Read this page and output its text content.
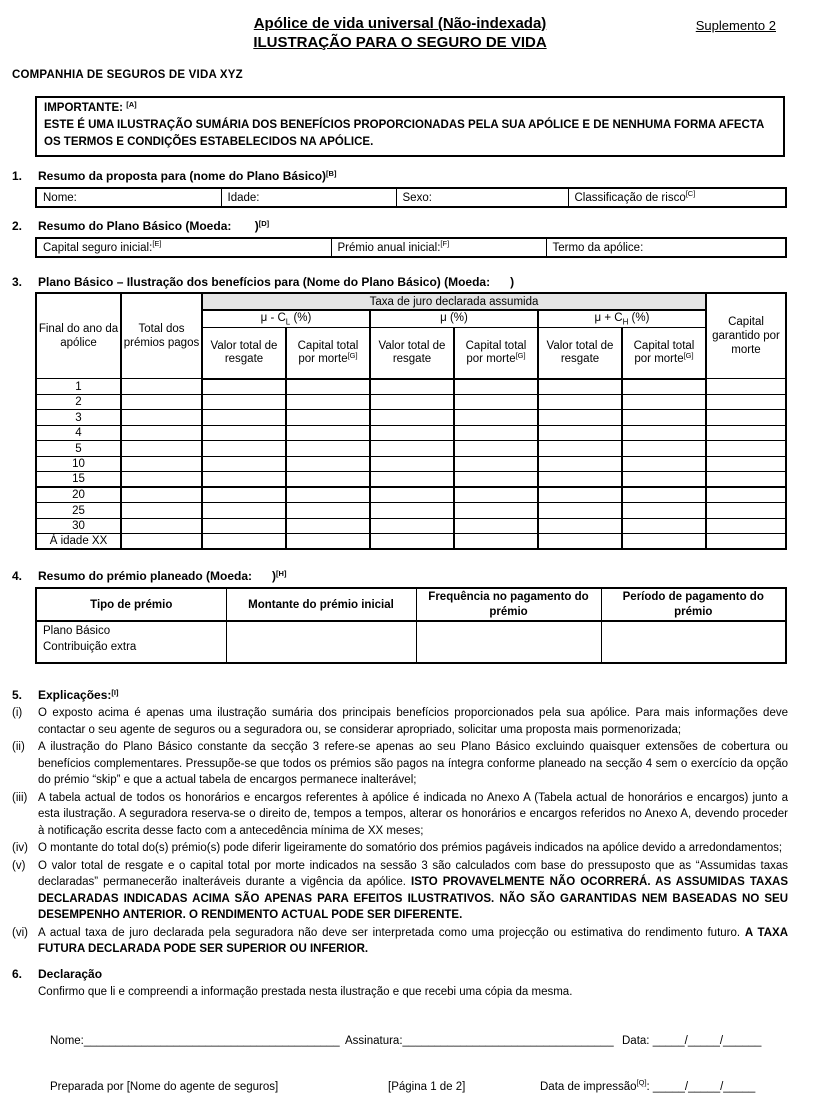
Apólice de vida universal (Não-indexada)
ILUSTRAÇÃO PARA O SEGURO DE VIDA
Suplemento 2
COMPANHIA DE SEGUROS DE VIDA XYZ
IMPORTANTE: [A]
ESTE É UMA ILUSTRAÇÃO SUMÁRIA DOS BENEFÍCIOS PROPORCIONADAS PELA SUA APÓLICE E DE NENHUMA FORMA AFECTA OS TERMOS E CONDIÇÕES ESTABELECIDOS NA APÓLICE.
1.	Resumo da proposta para (nome do Plano Básico)[B]
Nome:	Idade:	Sexo:	Classificação de risco[C]
2.	Resumo do Plano Básico (Moeda:       )[D]
Capital seguro inicial:[E]	Prémio anual inicial:[F]	Termo da apólice:
3.	Plano Básico – Ilustração dos benefícios para (Nome do Plano Básico) (Moeda:      )
Final do ano da apólice	Total dos prémios pagos	Taxa de juro declarada assumida						Capital garantido por morte
		μ - $C_L$ (%)		μ (%)		$\mu + C_H$ (%)		
		Valor total de resgate	Capital total por morte[G]	Valor total de resgate	Capital total por morte[G]	Valor total de resgate	Capital total por morte[G]
1								
2								
3								
4								
5								
10								
15								
20								
25								
30								
À idade XX								
4.	Resumo do prémio planeado (Moeda:      )[H]
Tipo de prémio	Montante do prémio inicial	Frequência no pagamento do prémio	Período de pagamento do prémio

Plano Básico
Contribuição extra			

5.	Explicações:[I]
(i)	O exposto acima é apenas uma ilustração sumária dos principais benefícios proporcionados pela sua apólice. Para mais informações deve contactar o seu agente de seguros ou a seguradora ou, se considerar apropriado, solicitar uma proposta mais pormenorizada;

(ii)	A ilustração do Plano Básico constante da secção 3 refere-se apenas ao seu Plano Básico excluindo quaisquer extensões de cobertura ou benefícios complementares. Pressupõe-se que todos os prémios são pagos na íntegra conforme planeado na secção 4 sem o exercício da opção do prémio “skip” e que a actual tabela de encargos permanece inalterável;

(iii) A tabela actual de todos os honorários e encargos referentes à apólice é indicada no Anexo A (Tabela actual de honorários e encargos) junto a esta ilustração. A seguradora reserva-se o direito de, tempos a tempos, alterar os honorários e encargos referidos no Anexo A, devendo proceder à notificação escrita desse facto com a antecedência mínima de XX meses;

(iv) O montante do total do(s) prémio(s) pode diferir ligeiramente do somatório dos prémios pagáveis indicados na apólice devido a arredondamentos;

(v)	O valor total de resgate e o capital total por morte indicados na sessão 3 são calculados com base do pressuposto que as “Assumidas taxas declaradas” permanecerão inalteráveis durante a vigência da apólice. ISTO PROVAVELMENTE NÃO OCORRERÁ. AS ASSUMIDAS TAXAS DECLARADAS INDICADAS ACIMA SÃO APENAS PARA EFEITOS ILUSTRATIVOS. NÃO SÃO GARANTIDAS NEM BASEADAS NO SEU DESEMPENHO ANTERIOR. O RENDIMENTO ACTUAL PODE SER DIFERENTE.

(vi) A actual taxa de juro declarada pela seguradora não deve ser interpretada como uma projecção ou estimativa do rendimento futuro. A TAXA FUTURA DECLARADA PODE SER SUPERIOR OU INFERIOR.

6.	Declaração
Confirmo que li e compreendi a informação prestada nesta ilustração e que recebi uma cópia da mesma.
Nome:________________________________________ Assinatura:_________________________________ Data: _____/_____/______
Preparada por [Nome do agente de seguros]	[Página 1 de 2]	Data de impressão[Q]: _____/_____/_____
